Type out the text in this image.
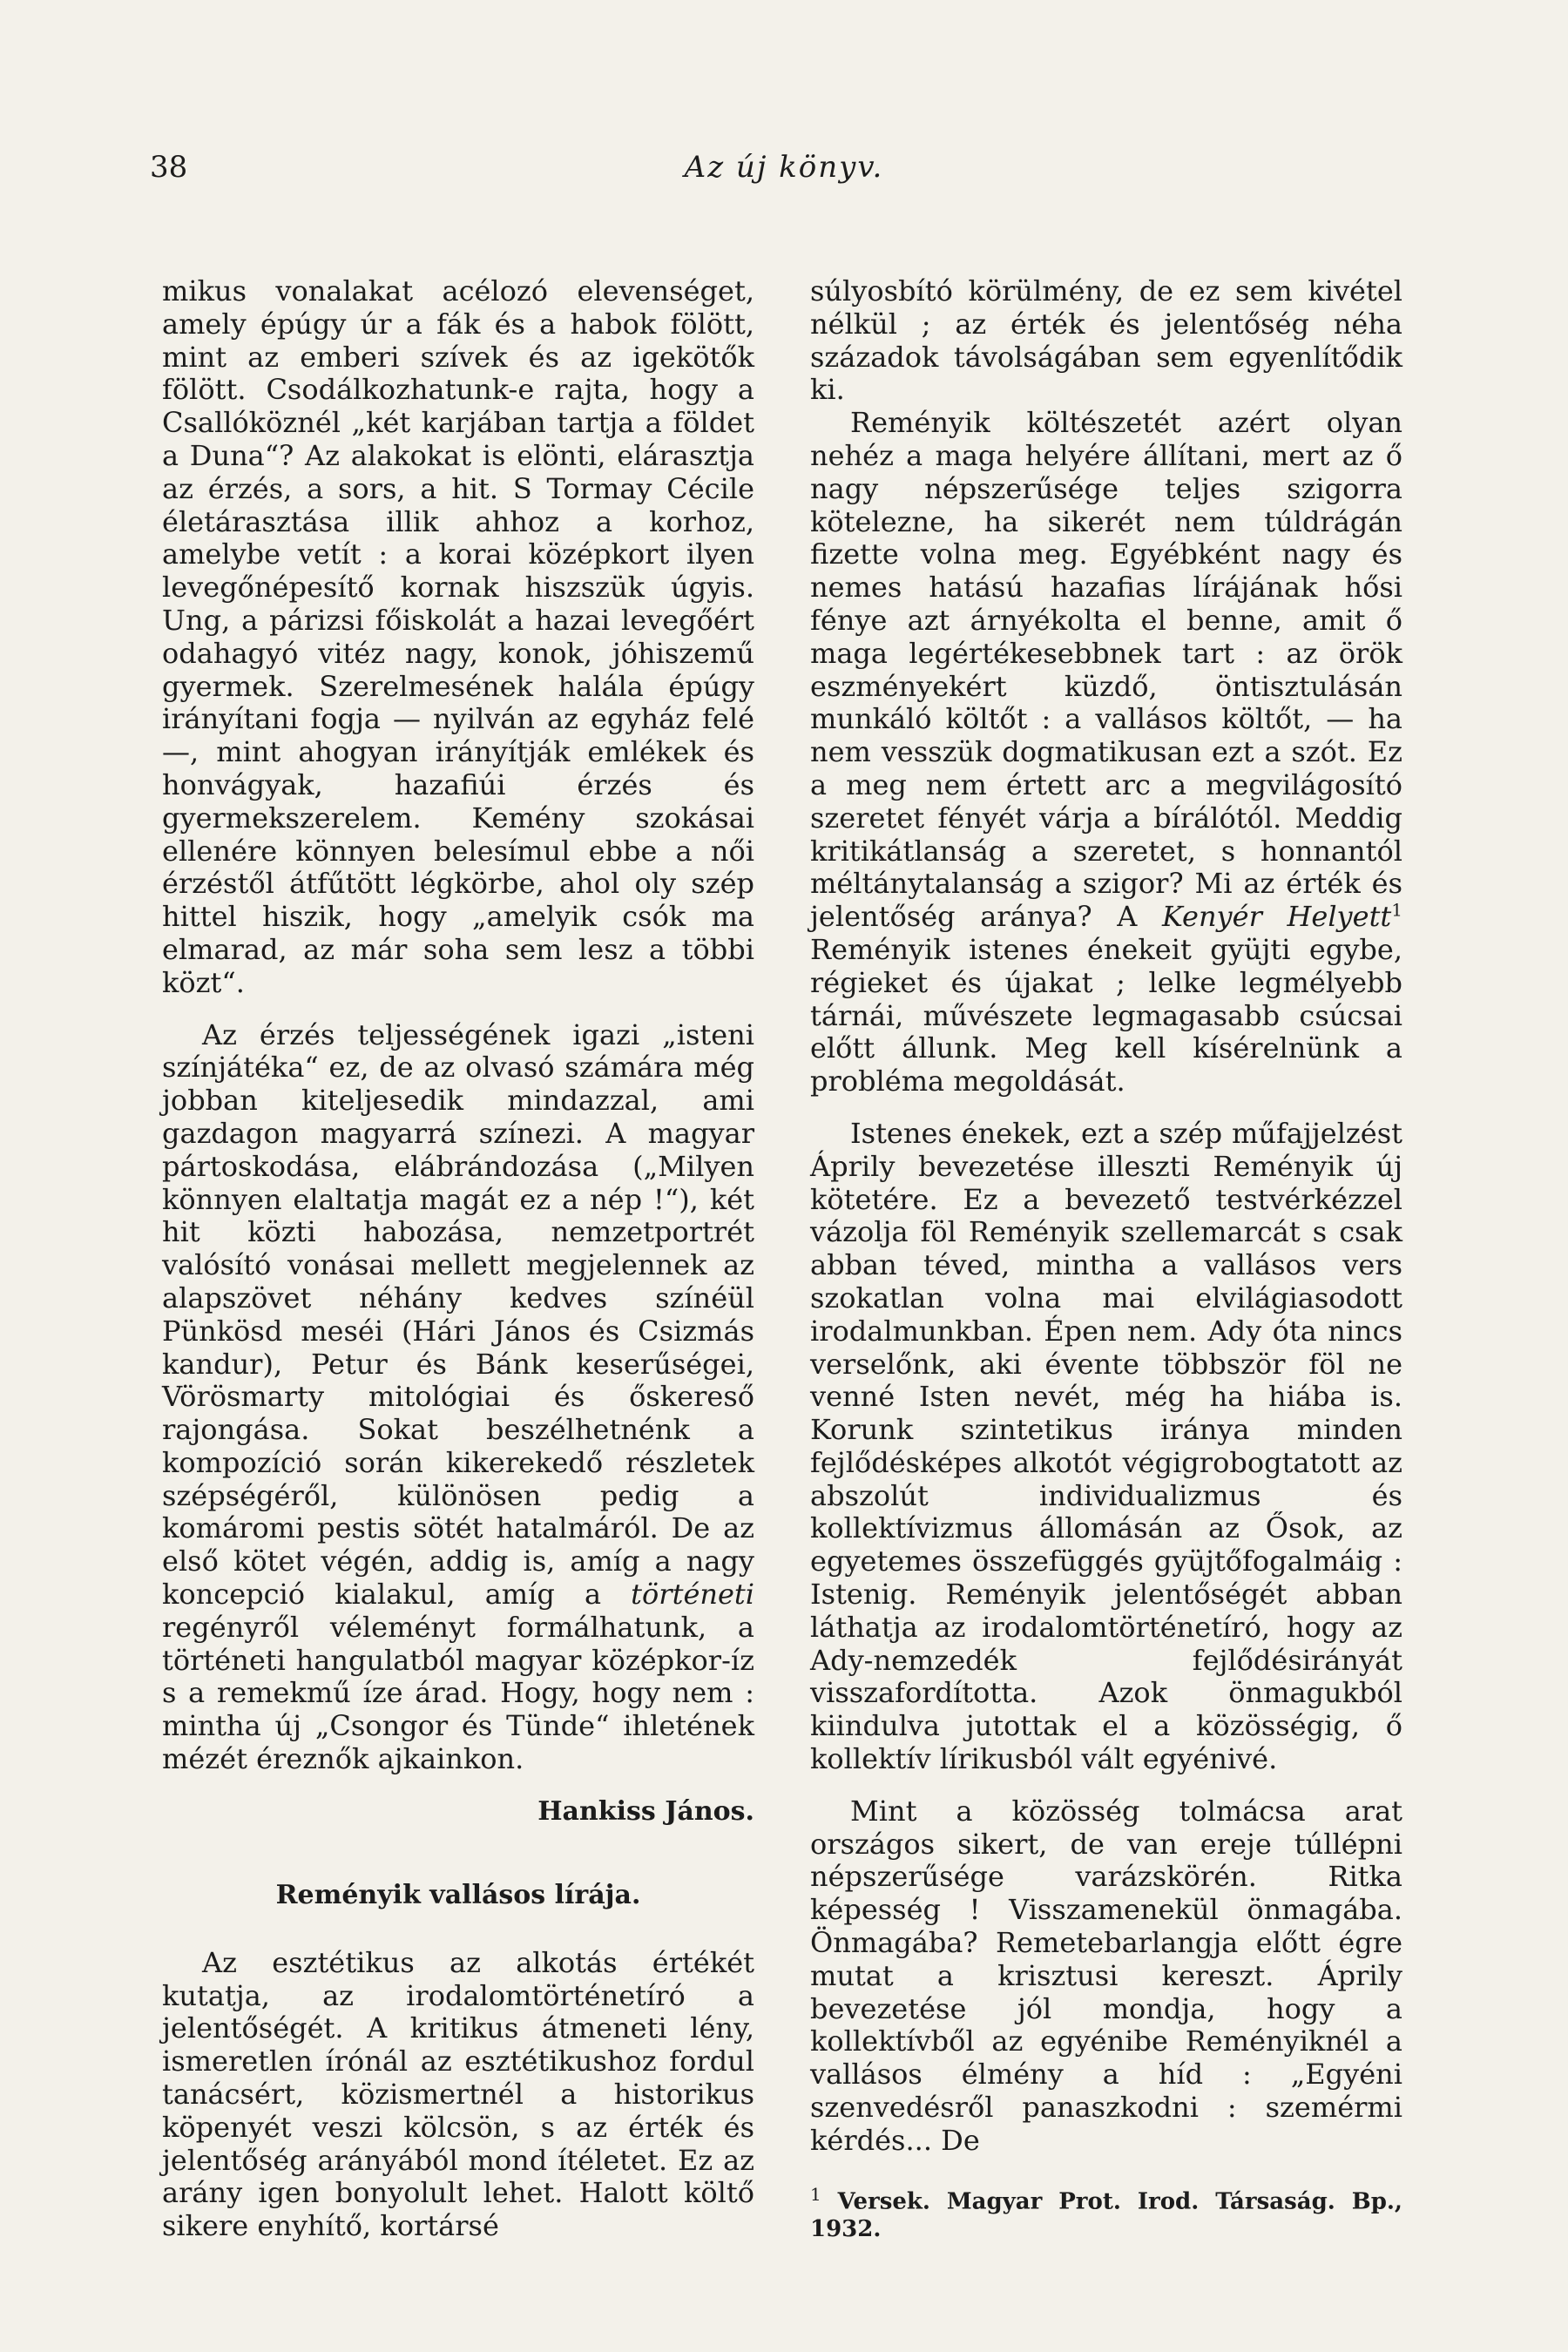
38	Az új könyv.

mikus vonalakat acélozó elevenséget, amely épúgy úr a fák és a habok fölött, mint az emberi szívek és az igekötők fölött. Csodálkozhatunk-e rajta, hogy a Csallóköznél „két karjában tartja a földet a Duna“? Az alakokat is elönti, elárasztja az érzés, a sors, a hit. S Tormay Cécile életárasztása illik ahhoz a korhoz, amelybe vetít : a korai középkort ilyen levegőnépesítő kornak hiszszük úgyis. Ung, a párizsi főiskolát a hazai levegőért odahagyó vitéz nagy, konok, jóhiszemű gyermek. Szerelmesének halála épúgy irányítani fogja — nyilván az egyház felé —, mint ahogyan irányítják emlékek és honvágyak, hazafiúi érzés és gyermekszerelem. Kemény szokásai ellenére könnyen belesímul ebbe a női érzéstől átfűtött légkörbe, ahol oly szép hittel hiszik, hogy „amelyik csók ma elmarad, az már soha sem lesz a többi közt“.

Az érzés teljességének igazi „isteni színjátéka“ ez, de az olvasó számára még jobban kiteljesedik mindazzal, ami gazdagon magyarrá színezi. A magyar pártoskodása, elábrándozása („Milyen könnyen elaltatja magát ez a nép !“), két hit közti habozása, nemzetportrét valósító vonásai mellett megjelennek az alapszövet néhány kedves színéül Pünkösd meséi (Hári János és Csizmás kandur), Petur és Bánk keserűségei, Vörösmarty mitológiai és őskereső rajongása. Sokat beszélhetnénk a kompozíció során kikerekedő részletek szépségéről, különösen pedig a komáromi pestis sötét hatalmáról. De az első kötet végén, addig is, amíg a nagy koncepció kialakul, amíg a történeti regényről véleményt formálhatunk, a történeti hangulatból magyar középkor-íz s a remekmű íze árad. Hogy, hogy nem : mintha új „Csongor és Tünde“ ihletének mézét éreznők ajkainkon.

Hankiss János.
Reményik vallásos lírája.

Az esztétikus az alkotás értékét kutatja, az irodalomtörténetíró a jelentőségét. A kritikus átmeneti lény, ismeretlen írónál az esztétikushoz fordul tanácsért, közismertnél a historikus köpenyét veszi kölcsön, s az érték és jelentőség arányából mond ítéletet. Ez az arány igen bonyolult lehet. Halott költő sikere enyhítő, kortársé

súlyosbító körülmény, de ez sem kivétel nélkül ; az érték és jelentőség néha századok távolságában sem egyenlítődik ki.

Reményik költészetét azért olyan nehéz a maga helyére állítani, mert az ő nagy népszerűsége teljes szigorra kötelezne, ha sikerét nem túldrágán fizette volna meg. Egyébként nagy és nemes hatású hazafias lírájának hősi fénye azt árnyékolta el benne, amit ő maga legértékesebbnek tart : az örök eszményekért küzdő, öntisztulásán munkáló költőt : a vallásos költőt, — ha nem vesszük dogmatikusan ezt a szót. Ez a meg nem értett arc a megvilágosító szeretet fényét várja a bírálótól. Meddig kritikátlanság a szeretet, s honnantól méltánytalanság a szigor? Mi az érték és jelentőség aránya? A Kenyér Helyett$^1$ Reményik istenes énekeit gyüjti egybe, régieket és újakat ; lelke legmélyebb tárnái, művészete legmagasabb csúcsai előtt állunk. Meg kell kísérelnünk a probléma megoldását.

Istenes énekek, ezt a szép műfajjelzést Áprily bevezetése illeszti Reményik új kötetére. Ez a bevezető testvérkézzel vázolja föl Reményik szellemarcát s csak abban téved, mintha a vallásos vers szokatlan volna mai elvilágiasodott irodalmunkban. Épen nem. Ady óta nincs verselőnk, aki évente többször föl ne venné Isten nevét, még ha hiába is. Korunk szintetikus iránya minden fejlődésképes alkotót végigrobogtatott az abszolút individualizmus és kollektívizmus állomásán az Ősok, az egyetemes összefüggés gyüjtőfogalmáig : Istenig. Reményik jelentőségét abban láthatja az irodalomtörténetíró, hogy az Ady-nemzedék fejlődésirányát visszafordította. Azok önmagukból kiindulva jutottak el a közösségig, ő kollektív lírikusból vált egyénivé.

Mint a közösség tolmácsa arat országos sikert, de van ereje túllépni népszerűsége varázskörén. Ritka képesség ! Visszamenekül önmagába. Önmagába? Remetebarlangja előtt égre mutat a krisztusi kereszt. Áprily bevezetése jól mondja, hogy a kollektívből az egyénibe Reményiknél a vallásos élmény a híd : „Egyéni szenvedésről panaszkodni : szemérmi kérdés... De

$^1$ Versek. Magyar Prot. Irod. Társaság. Bp., 1932.
